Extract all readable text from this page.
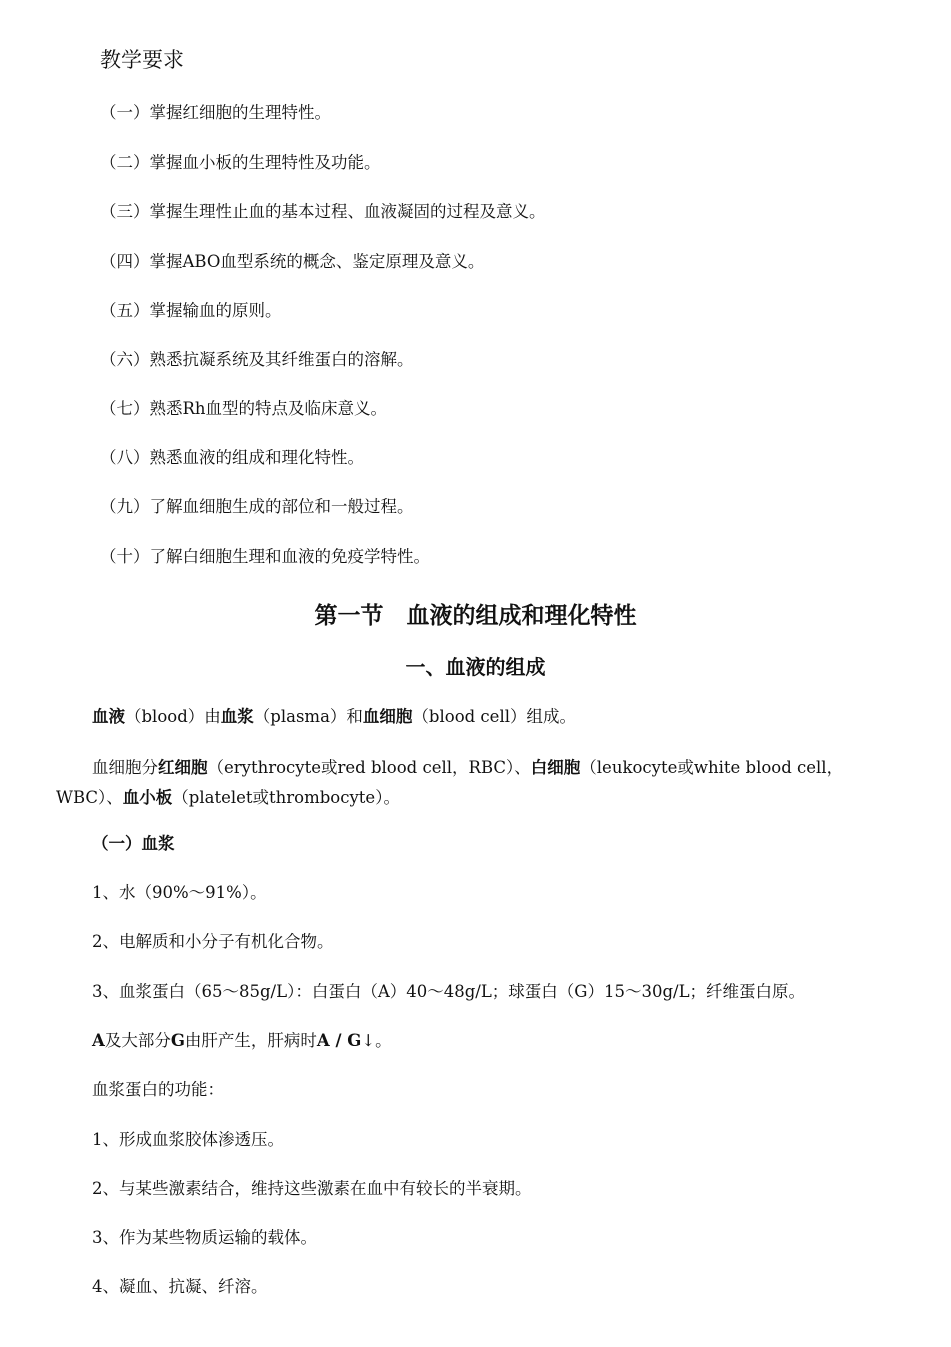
教学要求
（一）掌握红细胞的生理特性。
（二）掌握血小板的生理特性及功能。
（三）掌握生理性止血的基本过程、血液凝固的过程及意义。
（四）掌握ABO血型系统的概念、鉴定原理及意义。
（五）掌握输血的原则。
（六）熟悉抗凝系统及其纤维蛋白的溶解。
（七）熟悉Rh血型的特点及临床意义。
（八）熟悉血液的组成和理化特性。
（九）了解血细胞生成的部位和一般过程。
（十）了解白细胞生理和血液的免疫学特性。
第一节　血液的组成和理化特性
一、血液的组成
血液（blood）由血浆（plasma）和血细胞（blood cell）组成。
血细胞分红细胞（erythrocyte或red blood cell，RBC）、白细胞（leukocyte或white blood cell，WBC）、血小板（platelet或thrombocyte）。
（一）血浆
1、水（90%～91%）。
2、电解质和小分子有机化合物。
3、血浆蛋白（65～85g/L）：白蛋白（A）40～48g/L；球蛋白（G）15～30g/L；纤维蛋白原。
A及大部分G由肝产生，肝病时A / G↓。
血浆蛋白的功能：
1、形成血浆胶体渗透压。
2、与某些激素结合，维持这些激素在血中有较长的半衰期。
3、作为某些物质运输的载体。
4、凝血、抗凝、纤溶。
